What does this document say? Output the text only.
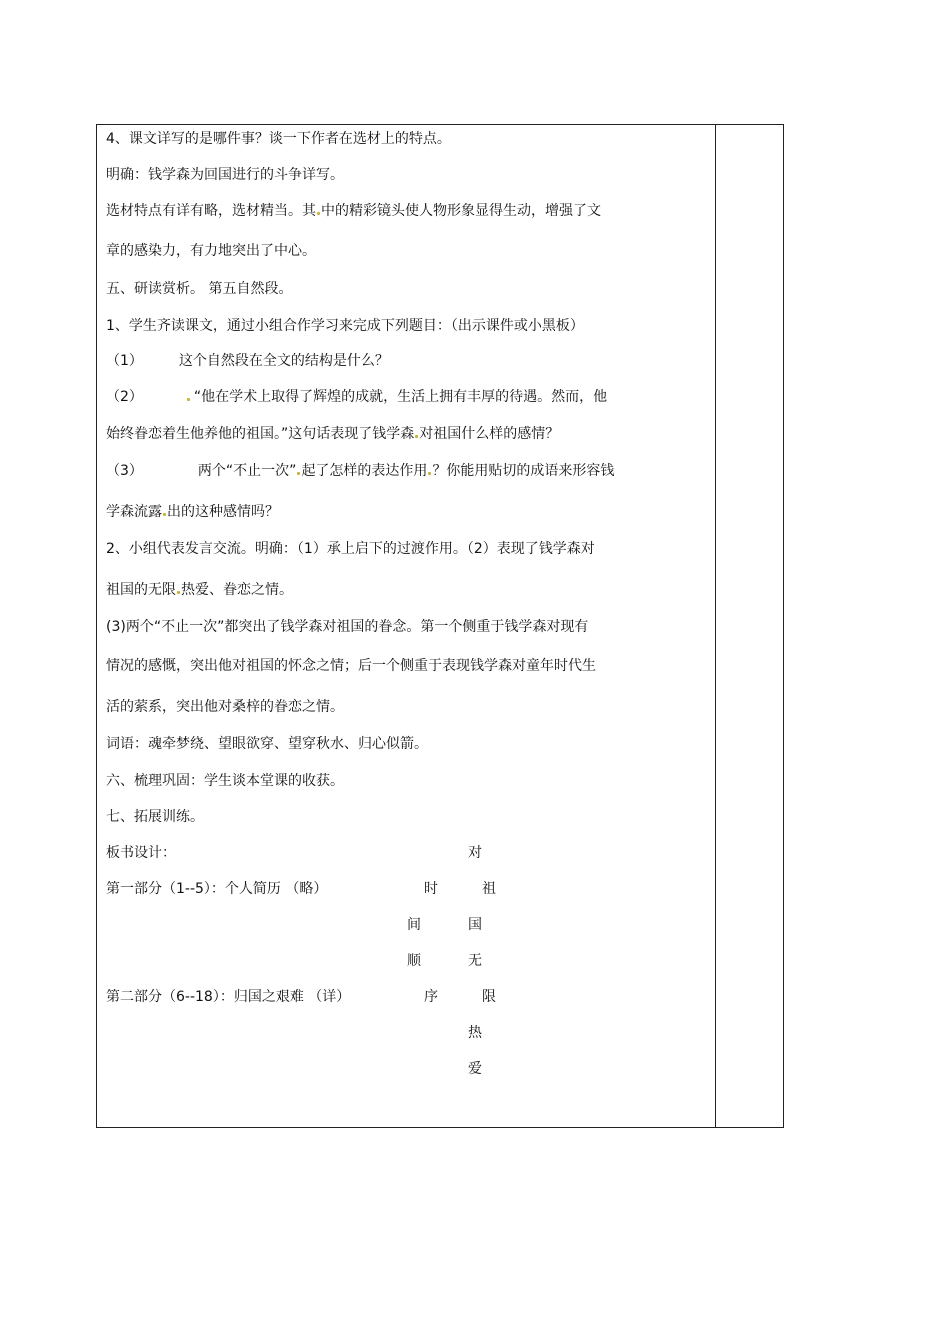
4、课文详写的是哪件事？谈一下作者在选材上的特点。
明确：钱学森为回国进行的斗争详写。
选材特点有详有略，选材精当。其 中的精彩镜头使人物形象显得生动，增强了文
章的感染力，有力地突出了中心。
五、研读赏析。 第五自然段。
1、学生齐读课文，通过小组合作学习来完成下列题目：（出示课件或小黑板）
（1）	这个自然段在全文的结构是什么？
（2）	“他在学术上取得了辉煌的成就，生活上拥有丰厚的待遇。然而，他
始终眷恋着生他养他的祖国。”这句话表现了钱学森 对祖国什么样的感情？
（3）	两个“不止一次” 起了怎样的表达作用 ？你能用贴切的成语来形容钱
学森流露 出的这种感情吗？
2、小组代表发言交流。明确：（1）承上启下的过渡作用。（2）表现了钱学森对
祖国的无限 热爱、眷恋之情。
(3)两个“不止一次”都突出了钱学森对祖国的眷念。第一个侧重于钱学森对现有
情况的感慨，突出他对祖国的怀念之情；后一个侧重于表现钱学森对童年时代生
活的萦系，突出他对桑梓的眷恋之情。
词语：魂牵梦绕、望眼欲穿、望穿秋水、归心似箭。
六、梳理巩固：学生谈本堂课的收获。
七、拓展训练。
板书设计：
第一部分（1--5）：个人简历 （略）
第二部分（6--18）：归国之艰难 （详）
时
间
顺
序
对
祖
国
无
限
热
爱
